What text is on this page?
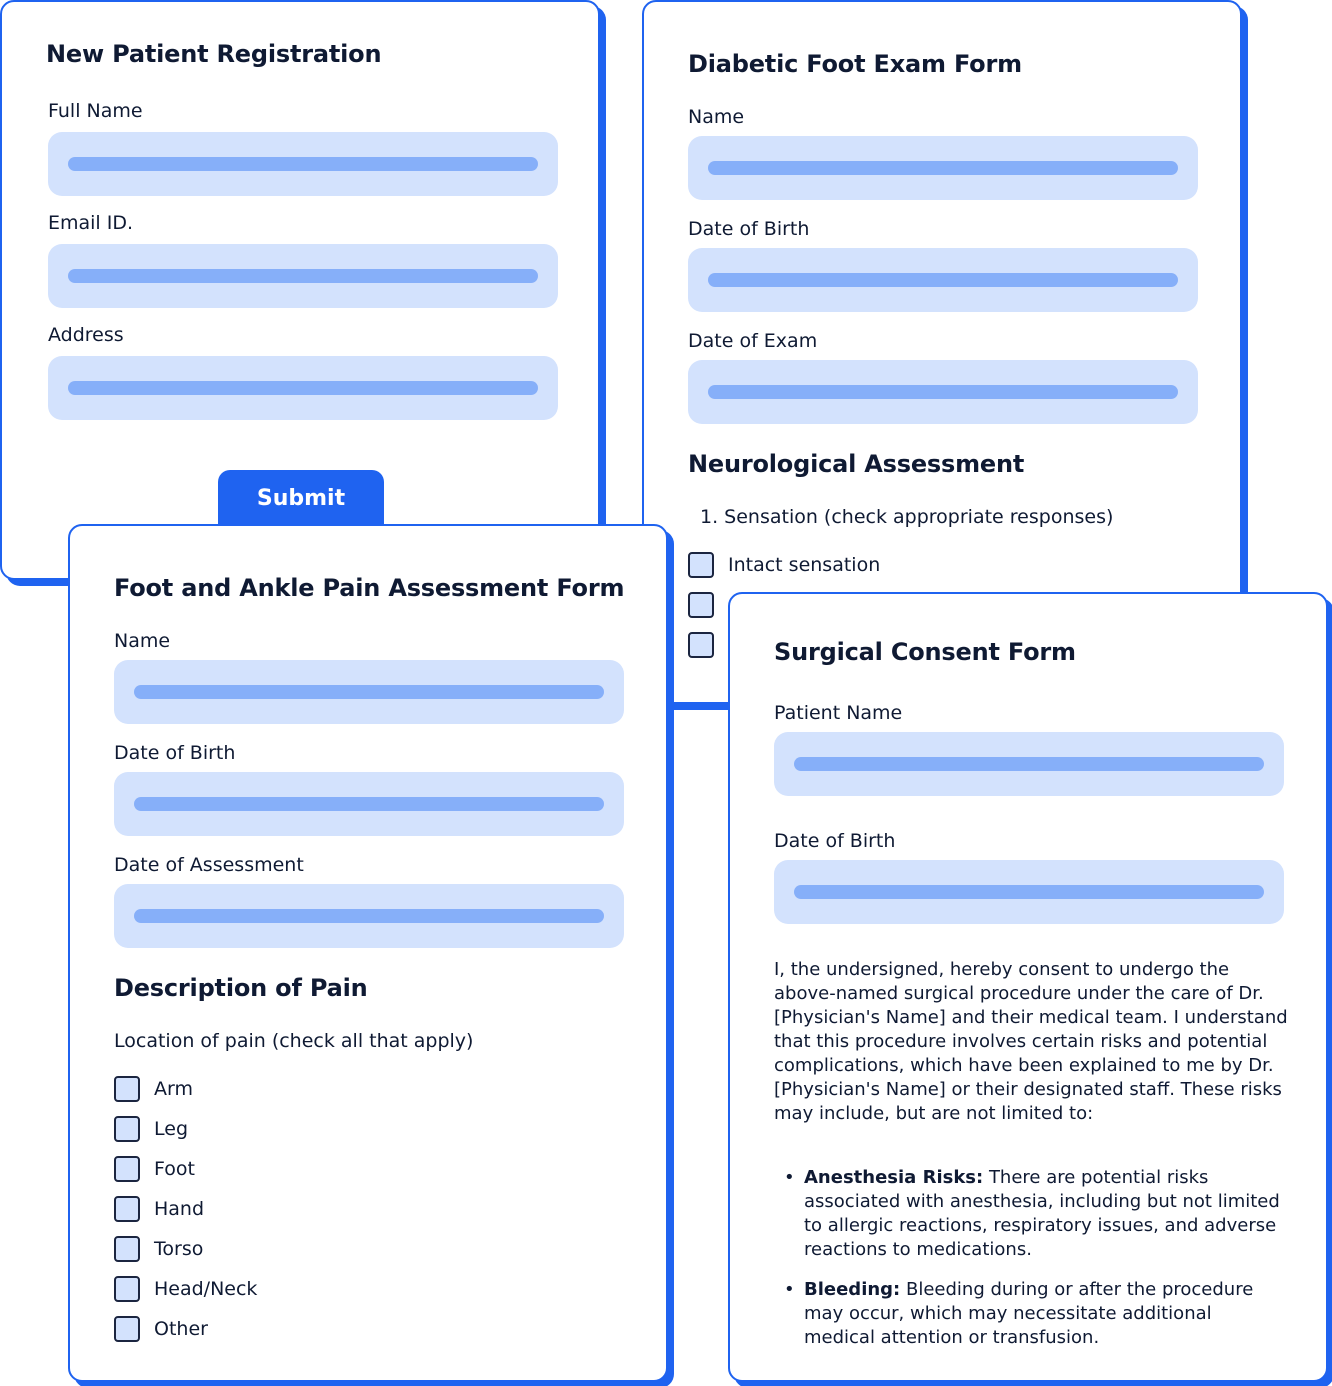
New Patient Registration
Full Name
Email ID.
Address
Submit
Diabetic Foot Exam Form
Name
Date of Birth
Date of Exam
Neurological Assessment
1. Sensation (check appropriate responses)
Intact sensation
Foot and Ankle Pain Assessment Form
Name
Date of Birth
Date of Assessment
Description of Pain
Location of pain (check all that apply)
Arm
Leg
Foot
Hand
Torso
Head/Neck
Other
Surgical Consent Form
Patient Name
Date of Birth

I, the undersigned, hereby consent to undergo the above-named surgical procedure under the care of Dr. [Physician's Name] and their medical team. I understand that this procedure involves certain risks and potential complications, which have been explained to me by Dr. [Physician's Name] or their designated staff. These risks may include, but are not limited to:

• Anesthesia Risks: There are potential risks associated with anesthesia, including but not limited to allergic reactions, respiratory issues, and adverse reactions to medications.
• Bleeding: Bleeding during or after the procedure may occur, which may necessitate additional medical attention or transfusion.
